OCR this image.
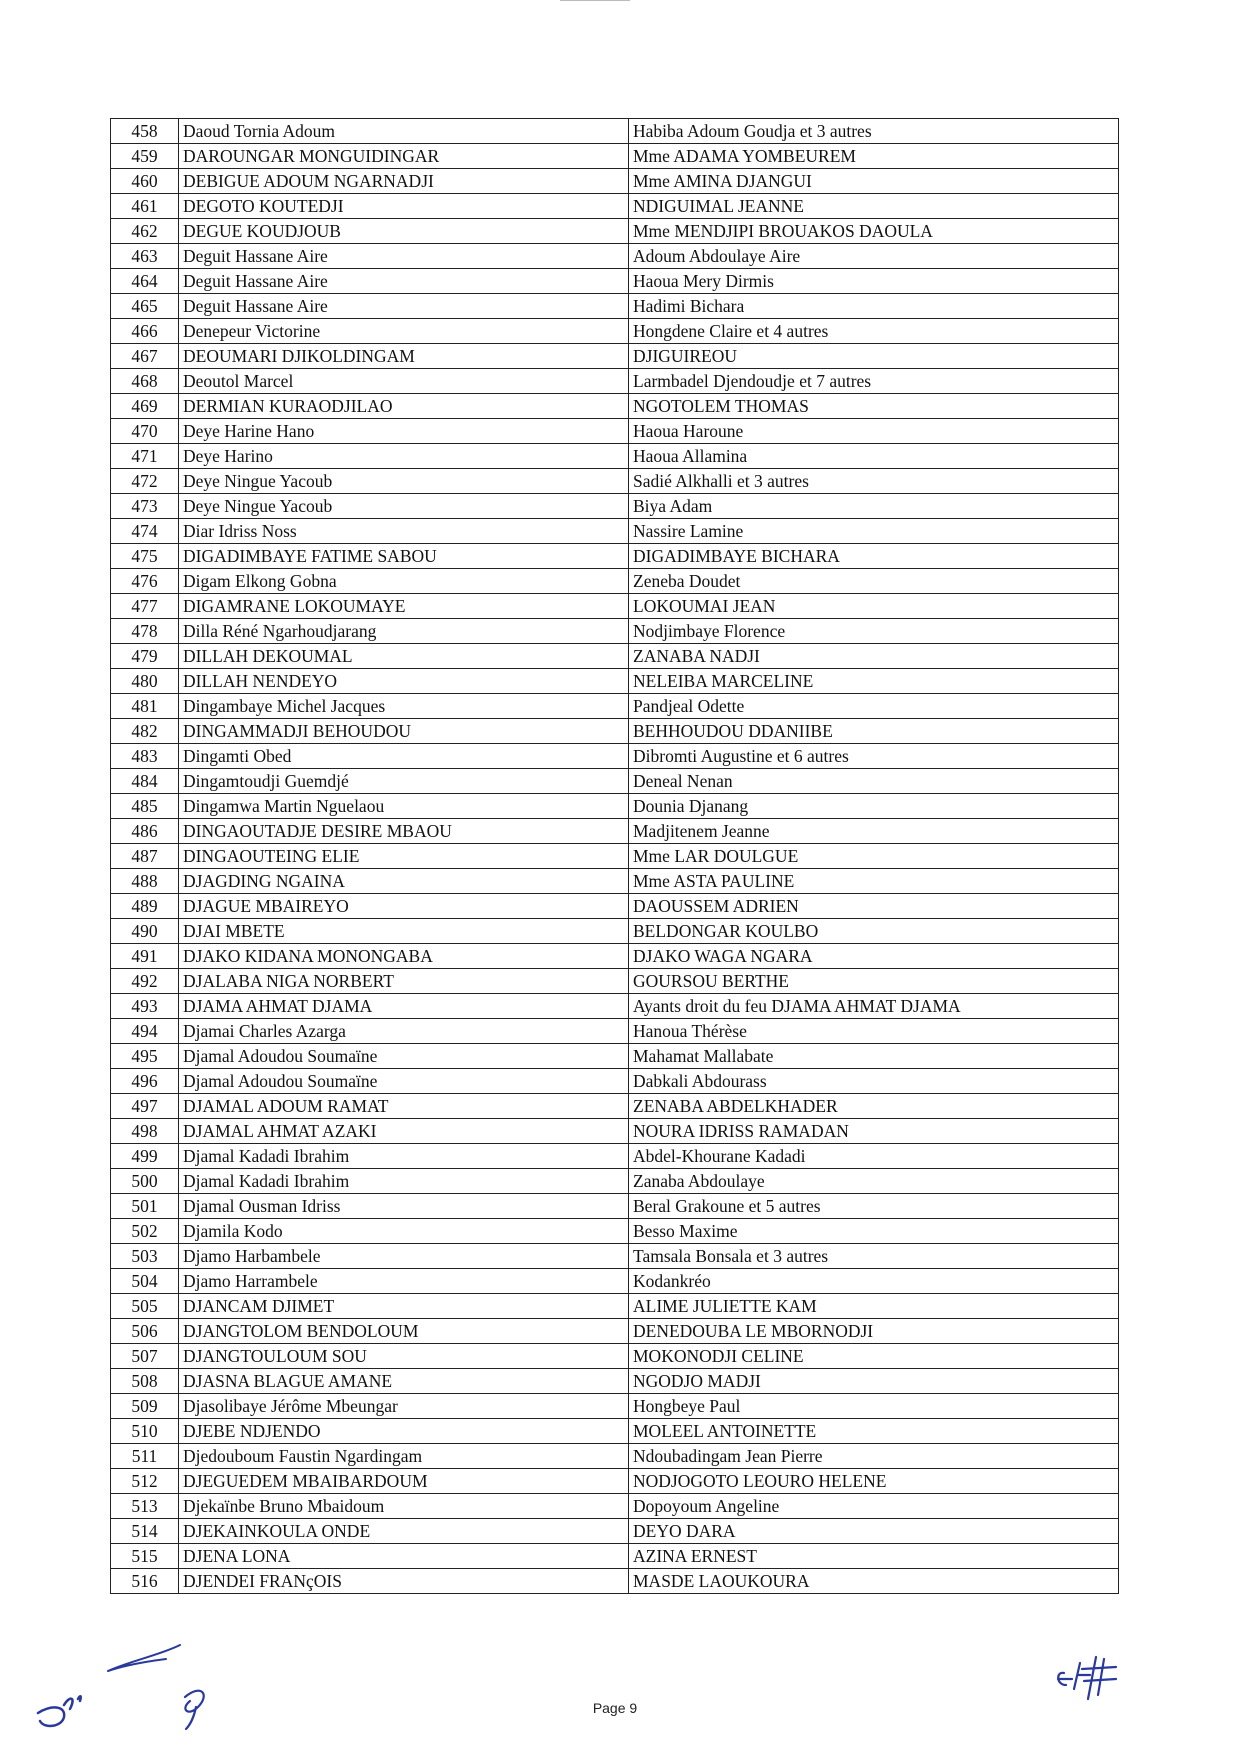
458	Daoud Tornia Adoum	Habiba Adoum Goudja et 3 autres
459	DAROUNGAR MONGUIDINGAR	Mme ADAMA YOMBEUREM
460	DEBIGUE ADOUM NGARNADJI	Mme AMINA DJANGUI
461	DEGOTO KOUTEDJI	NDIGUIMAL JEANNE
462	DEGUE KOUDJOUB	Mme MENDJIPI BROUAKOS DAOULA
463	Deguit Hassane Aire	Adoum Abdoulaye Aire
464	Deguit Hassane Aire	Haoua Mery Dirmis
465	Deguit Hassane Aire	Hadimi Bichara
466	Denepeur Victorine	Hongdene Claire et 4 autres
467	DEOUMARI DJIKOLDINGAM	DJIGUIREOU
468	Deoutol Marcel	Larmbadel Djendoudje et 7 autres
469	DERMIAN KURAODJILAO	NGOTOLEM THOMAS
470	Deye Harine Hano	Haoua Haroune
471	Deye Harino	Haoua Allamina
472	Deye Ningue Yacoub	Sadié Alkhalli et 3 autres
473	Deye Ningue Yacoub	Biya Adam
474	Diar Idriss Noss	Nassire Lamine
475	DIGADIMBAYE FATIME SABOU	DIGADIMBAYE BICHARA
476	Digam Elkong Gobna	Zeneba Doudet
477	DIGAMRANE LOKOUMAYE	LOKOUMAI JEAN
478	Dilla Réné Ngarhoudjarang	Nodjimbaye Florence
479	DILLAH DEKOUMAL	ZANABA NADJI
480	DILLAH NENDEYO	NELEIBA MARCELINE
481	Dingambaye Michel Jacques	Pandjeal Odette
482	DINGAMMADJI BEHOUDOU	BEHHOUDOU DDANIIBE
483	Dingamti Obed	Dibromti Augustine et 6 autres
484	Dingamtoudji Guemdjé	Deneal Nenan
485	Dingamwa Martin Nguelaou	Dounia Djanang
486	DINGAOUTADJE DESIRE MBAOU	Madjitenem Jeanne
487	DINGAOUTEING ELIE	Mme LAR DOULGUE
488	DJAGDING NGAINA	Mme ASTA PAULINE
489	DJAGUE MBAIREYO	DAOUSSEM ADRIEN
490	DJAI MBETE	BELDONGAR KOULBO
491	DJAKO KIDANA MONONGABA	DJAKO WAGA NGARA
492	DJALABA NIGA NORBERT	GOURSOU BERTHE
493	DJAMA AHMAT DJAMA	Ayants droit du feu DJAMA AHMAT DJAMA
494	Djamai Charles Azarga	Hanoua Thérèse
495	Djamal Adoudou Soumaïne	Mahamat Mallabate
496	Djamal Adoudou Soumaïne	Dabkali Abdourass
497	DJAMAL ADOUM RAMAT	ZENABA ABDELKHADER
498	DJAMAL AHMAT AZAKI	NOURA IDRISS RAMADAN
499	Djamal Kadadi Ibrahim	Abdel-Khourane Kadadi
500	Djamal Kadadi Ibrahim	Zanaba Abdoulaye
501	Djamal Ousman Idriss	Beral Grakoune et 5 autres
502	Djamila Kodo	Besso Maxime
503	Djamo Harbambele	Tamsala Bonsala et 3 autres
504	Djamo Harrambele	Kodankréo
505	DJANCAM DJIMET	ALIME JULIETTE KAM
506	DJANGTOLOM BENDOLOUM	DENEDOUBA LE MBORNODJI
507	DJANGTOULOUM SOU	MOKONODJI CELINE
508	DJASNA BLAGUE AMANE	NGODJO MADJI
509	Djasolibaye Jérôme Mbeungar	Hongbeye Paul
510	DJEBE NDJENDO	MOLEEL ANTOINETTE
511	Djedouboum Faustin Ngardingam	Ndoubadingam Jean Pierre
512	DJEGUEDEM MBAIBARDOUM	NODJOGOTO LEOURO HELENE
513	Djekaïnbe Bruno Mbaidoum	Dopoyoum Angeline
514	DJEKAINKOULA ONDE	DEYO DARA
515	DJENA LONA	AZINA ERNEST
516	DJENDEI FRANçOIS	MASDE LAOUKOURA
Page 9
